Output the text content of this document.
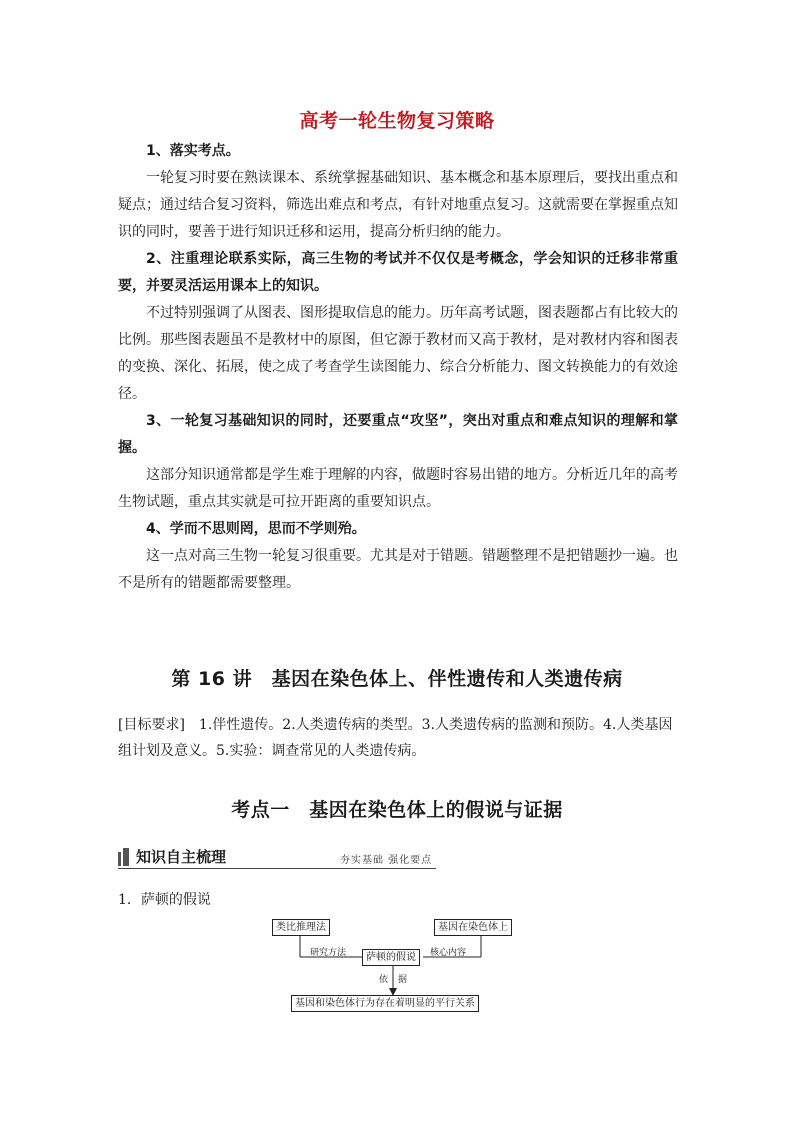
高考一轮生物复习策略

1、落实考点。

一轮复习时要在熟读课本、系统掌握基础知识、基本概念和基本原理后，要找出重点和疑点；通过结合复习资料，筛选出难点和考点，有针对地重点复习。这就需要在掌握重点知识的同时，要善于进行知识迁移和运用，提高分析归纳的能力。

2、注重理论联系实际，高三生物的考试并不仅仅是考概念，学会知识的迁移非常重要，并要灵活运用课本上的知识。

不过特别强调了从图表、图形提取信息的能力。历年高考试题，图表题都占有比较大的比例。那些图表题虽不是教材中的原图，但它源于教材而又高于教材，是对教材内容和图表的变换、深化、拓展，使之成了考查学生读图能力、综合分析能力、图文转换能力的有效途径。

3、一轮复习基础知识的同时，还要重点“攻坚”，突出对重点和难点知识的理解和掌握。

这部分知识通常都是学生难于理解的内容，做题时容易出错的地方。分析近几年的高考生物试题，重点其实就是可拉开距离的重要知识点。

4、学而不思则罔，思而不学则殆。

这一点对高三生物一轮复习很重要。尤其是对于错题。错题整理不是把错题抄一遍。也不是所有的错题都需要整理。

第 16 讲　基因在染色体上、伴性遗传和人类遗传病

[目标要求]　1.伴性遗传。2.人类遗传病的类型。3.人类遗传病的监测和预防。4.人类基因组计划及意义。5.实验：调查常见的人类遗传病。

考点一　基因在染色体上的假说与证据
知识自主梳理	夯实基础 强化要点
1．萨顿的假说
类比推理法	基因在染色体上
萨顿的假说
基因和染色体行为存在着明显的平行关系
研究方法	核心内容
依 据
